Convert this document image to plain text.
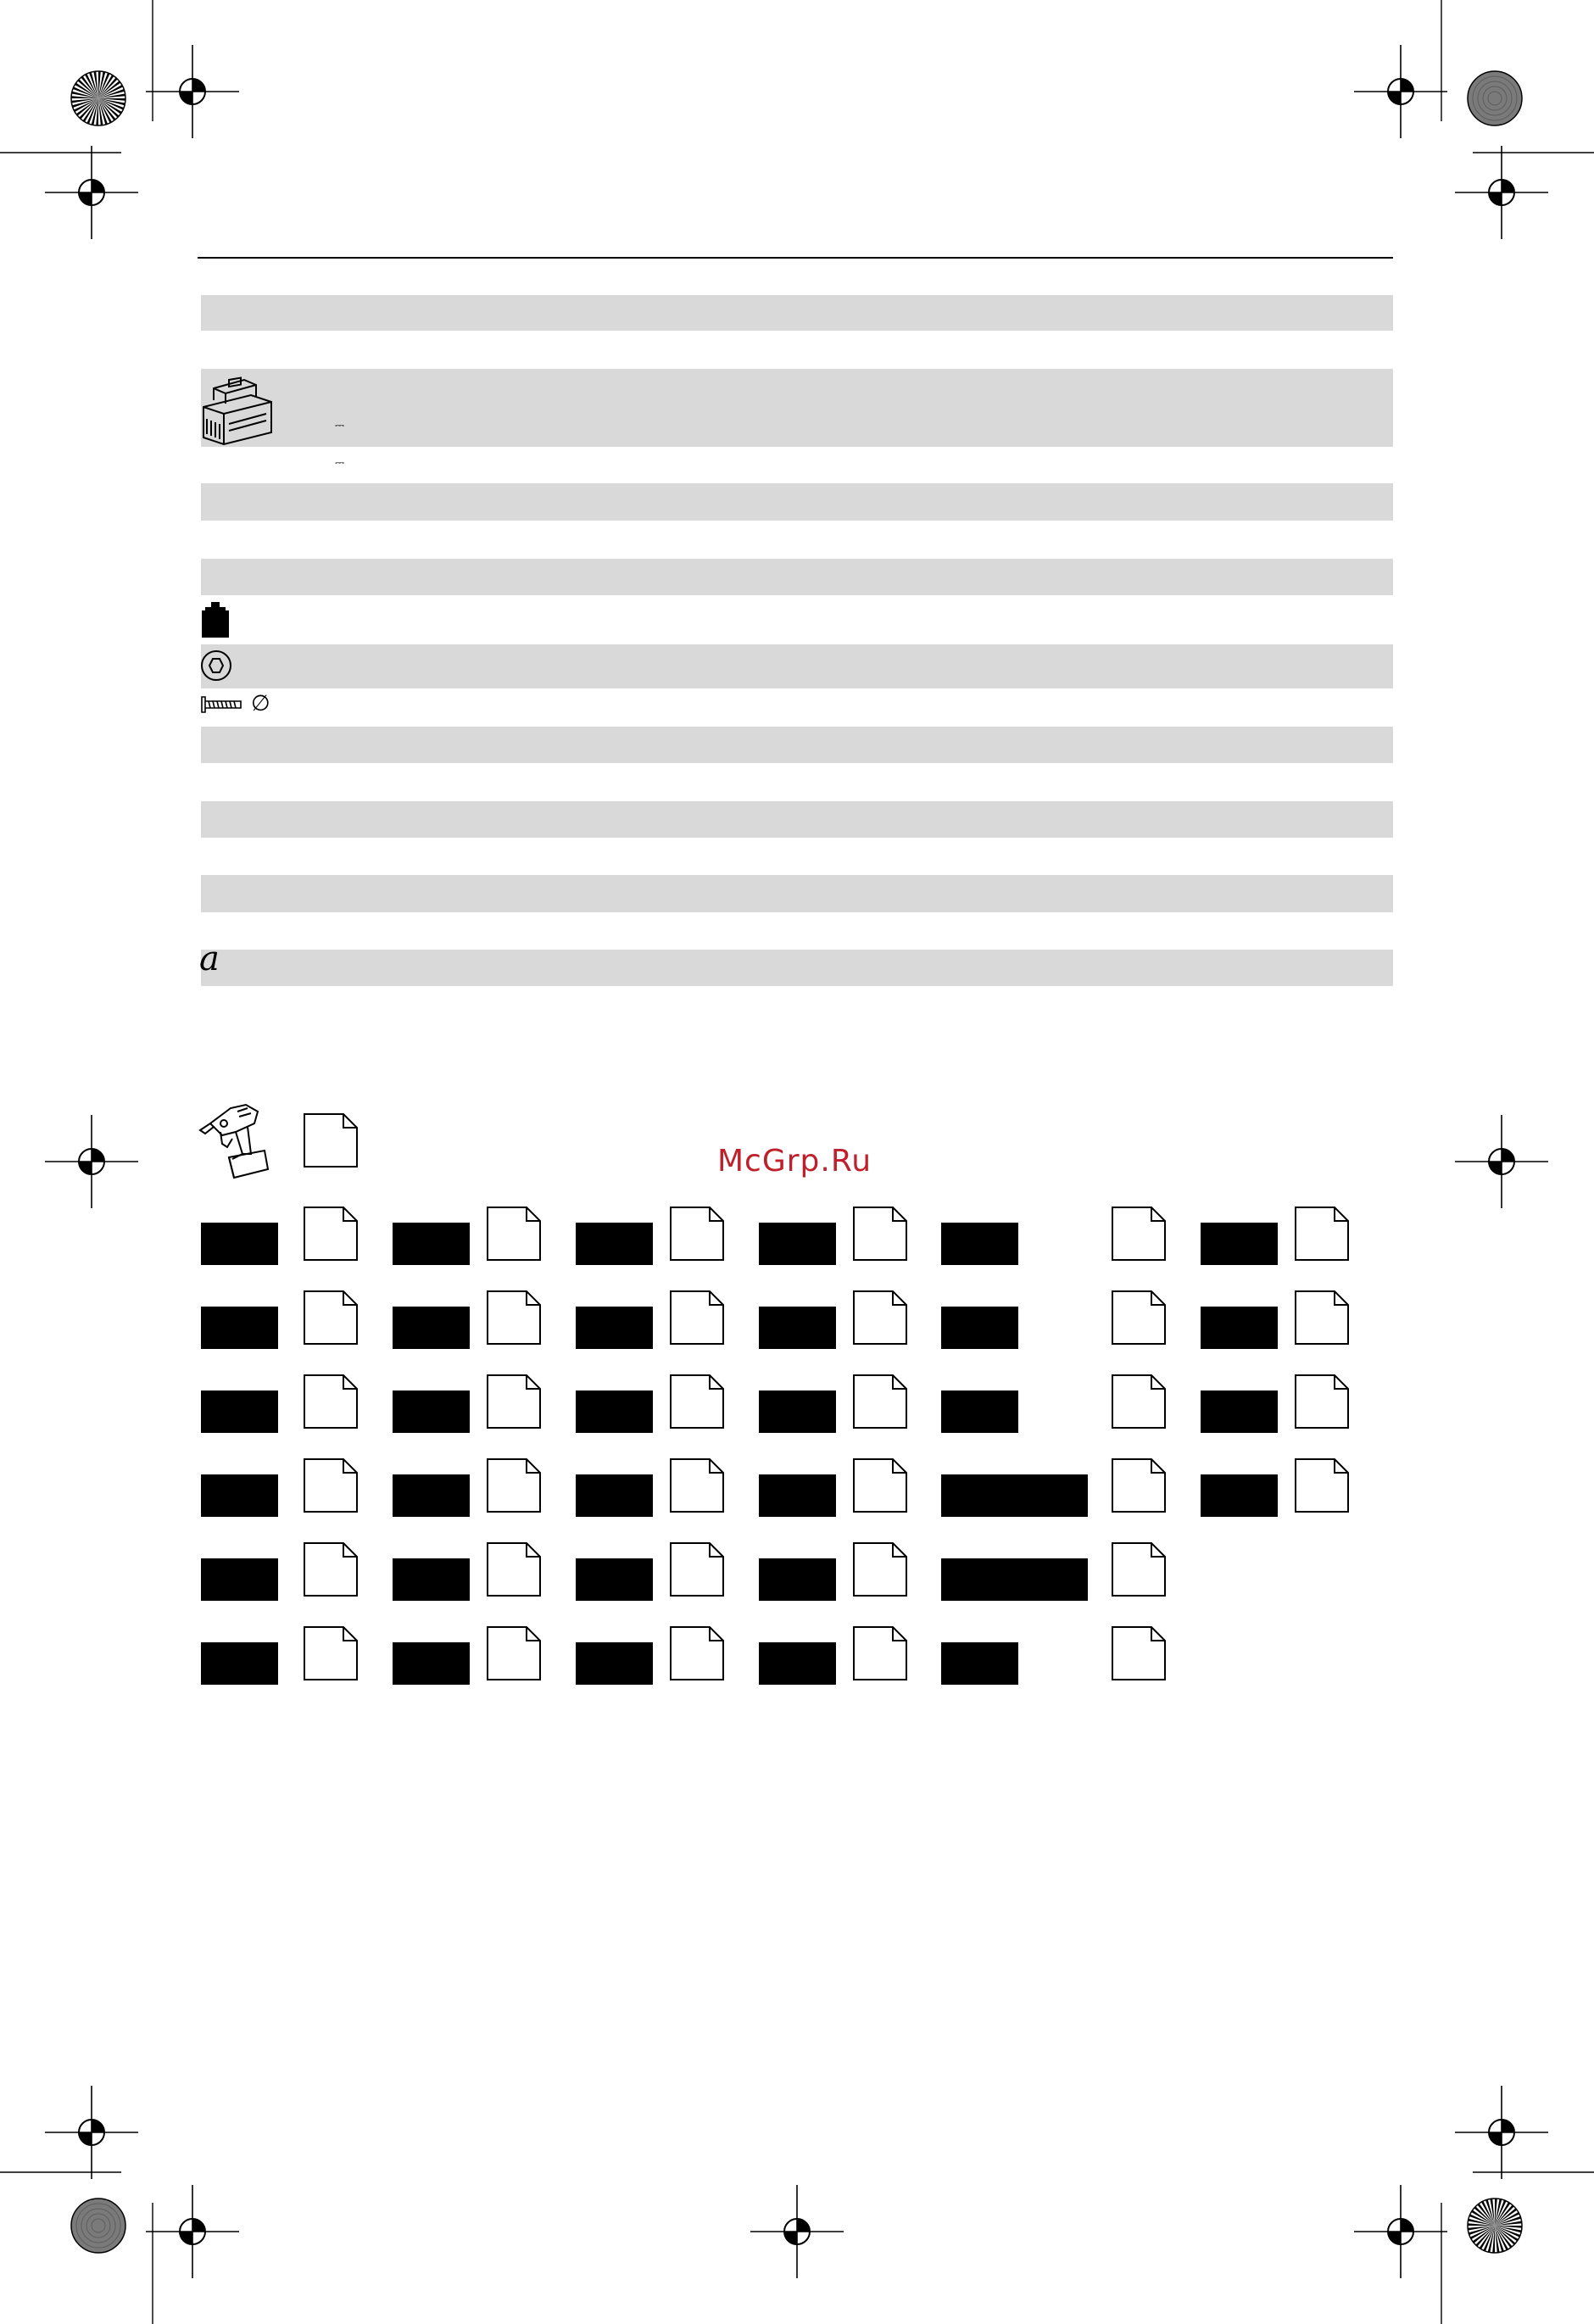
⎓
⎓
∅
a
McGrp.Ru
